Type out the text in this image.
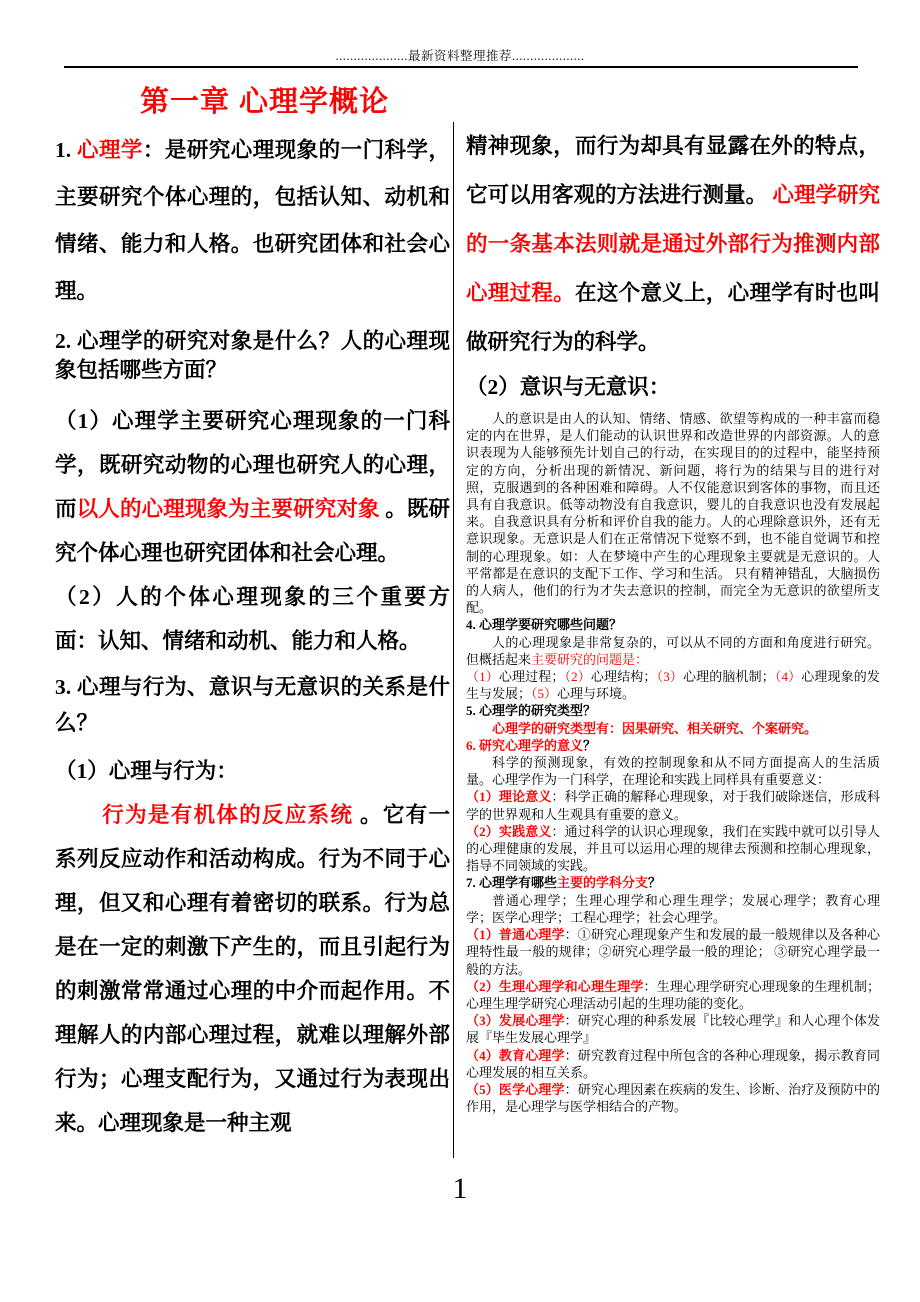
....................最新资料整理推荐....................
第一章 心理学概论

1. 心理学：是研究心理现象的一门科学，主要研究个体心理的，包括认知、动机和情绪、能力和人格。也研究团体和社会心理。

2. 心理学的研究对象是什么？人的心理现象包括哪些方面？

（1）心理学主要研究心理现象的一门科学，既研究动物的心理也研究人的心理，而以人的心理现象为主要研究对象 。既研究个体心理也研究团体和社会心理。

（2）人的个体心理现象的三个重要方面：认知、情绪和动机、能力和人格。

3. 心理与行为、意识与无意识的关系是什么？

（1）心理与行为：

行为是有机体的反应系统 。它有一系列反应动作和活动构成。行为不同于心理，但又和心理有着密切的联系。行为总是在一定的刺激下产生的，而且引起行为的刺激常常通过心理的中介而起作用。不理解人的内部心理过程，就难以理解外部行为；心理支配行为，又通过行为表现出来。心理现象是一种主观

精神现象，而行为却具有显露在外的特点，它可以用客观的方法进行测量。 心理学研究的一条基本法则就是通过外部行为推测内部心理过程。在这个意义上，心理学有时也叫做研究行为的科学。

（2）意识与无意识：

人的意识是由人的认知、情绪、情感、欲望等构成的一种丰富而稳定的内在世界，是人们能动的认识世界和改造世界的内部资源。人的意识表现为人能够预先计划自己的行动，在实现目的的过程中，能坚持预定的方向，分析出现的新情况、新问题，将行为的结果与目的进行对照，克服遇到的各种困难和障碍。人不仅能意识到客体的事物，而且还具有自我意识。低等动物没有自我意识，婴儿的自我意识也没有发展起来。自我意识具有分析和评价自我的能力。人的心理除意识外，还有无意识现象。无意识是人们在正常情况下觉察不到，也不能自觉调节和控制的心理现象。如：人在梦境中产生的心理现象主要就是无意识的。人平常都是在意识的支配下工作、学习和生活。 只有精神错乱，大脑损伤的人病人，他们的行为才失去意识的控制，而完全为无意识的欲望所支配。

4. 心理学要研究哪些问题？

人的心理现象是非常复杂的，可以从不同的方面和角度进行研究。但概括起来主要研究的问题是：

（1）心理过程；（2）心理结构；（3）心理的脑机制；（4）心理现象的发生与发展；（5）心理与环境。

5. 心理学的研究类型？

心理学的研究类型有：因果研究、相关研究、个案研究。

6. 研究心理学的意义？

科学的预测现象，有效的控制现象和从不同方面提高人的生活质量。心理学作为一门科学，在理论和实践上同样具有重要意义：

（1）理论意义：科学正确的解释心理现象，对于我们破除迷信，形成科学的世界观和人生观具有重要的意义。

（2）实践意义：通过科学的认识心理现象，我们在实践中就可以引导人的心理健康的发展，并且可以运用心理的规律去预测和控制心理现象，指导不同领域的实践。

7. 心理学有哪些主要的学科分支？

普通心理学；生理心理学和心理生理学；发展心理学；教育心理学；医学心理学；工程心理学；社会心理学。

（1）普通心理学：①研究心理现象产生和发展的最一般规律以及各种心理特性最一般的规律；②研究心理学最一般的理论； ③研究心理学最一般的方法。

（2）生理心理学和心理生理学：生理心理学研究心理现象的生理机制；心理生理学研究心理活动引起的生理功能的变化。

（3）发展心理学：研究心理的种系发展『比较心理学』和人心理个体发展『毕生发展心理学』

（4）教育心理学：研究教育过程中所包含的各种心理现象，揭示教育同心理发展的相互关系。

（5）医学心理学：研究心理因素在疾病的发生、诊断、治疗及预防中的作用，是心理学与医学相结合的产物。

1
